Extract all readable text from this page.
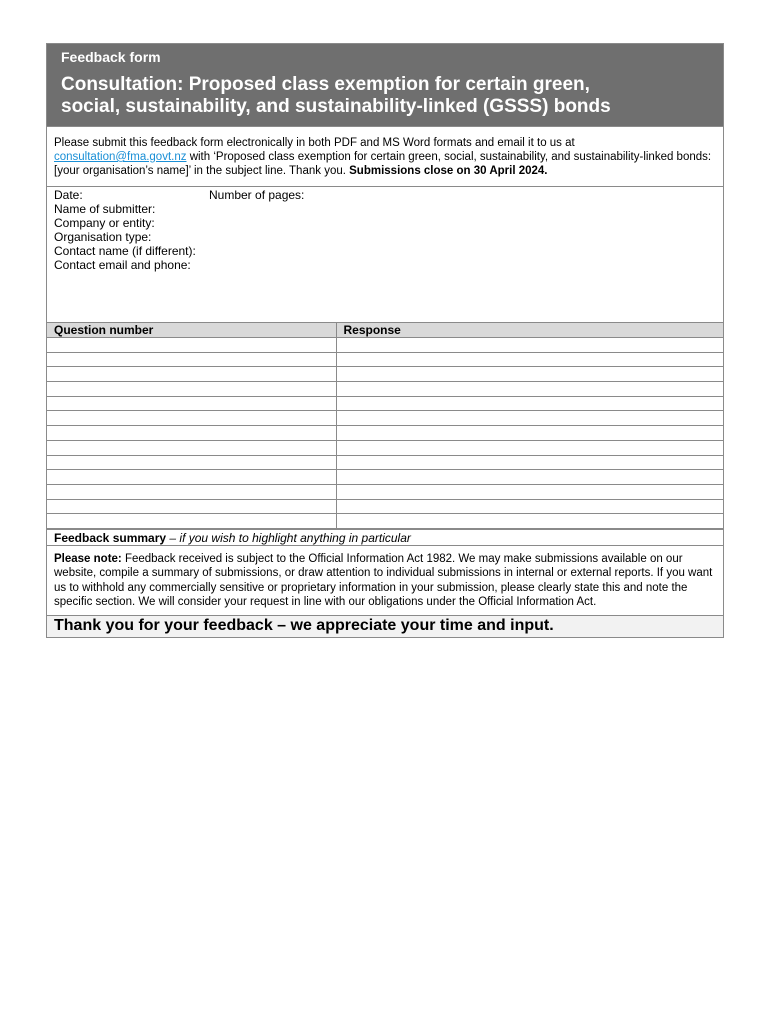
Feedback form
Consultation: Proposed class exemption for certain green,
social, sustainability, and sustainability-linked (GSSS) bonds
Please submit this feedback form electronically in both PDF and MS Word formats and email it to us at
consultation@fma.govt.nz with ‘Proposed class exemption for certain green, social, sustainability, and sustainability-linked bonds: [your organisation’s name]’ in the subject line. Thank you. Submissions close on 30 April 2024.
Date:	Number of pages:
Name of submitter:
Company or entity:
Organisation type:
Contact name (if different):
Contact email and phone:
Question number	Response

Feedback summary – if you wish to highlight anything in particular
Please note: Feedback received is subject to the Official Information Act 1982. We may make submissions available on our website, compile a summary of submissions, or draw attention to individual submissions in internal or external reports. If you want us to withhold any commercially sensitive or proprietary information in your submission, please clearly state this and note the specific section. We will consider your request in line with our obligations under the Official Information Act.
Thank you for your feedback – we appreciate your time and input.
